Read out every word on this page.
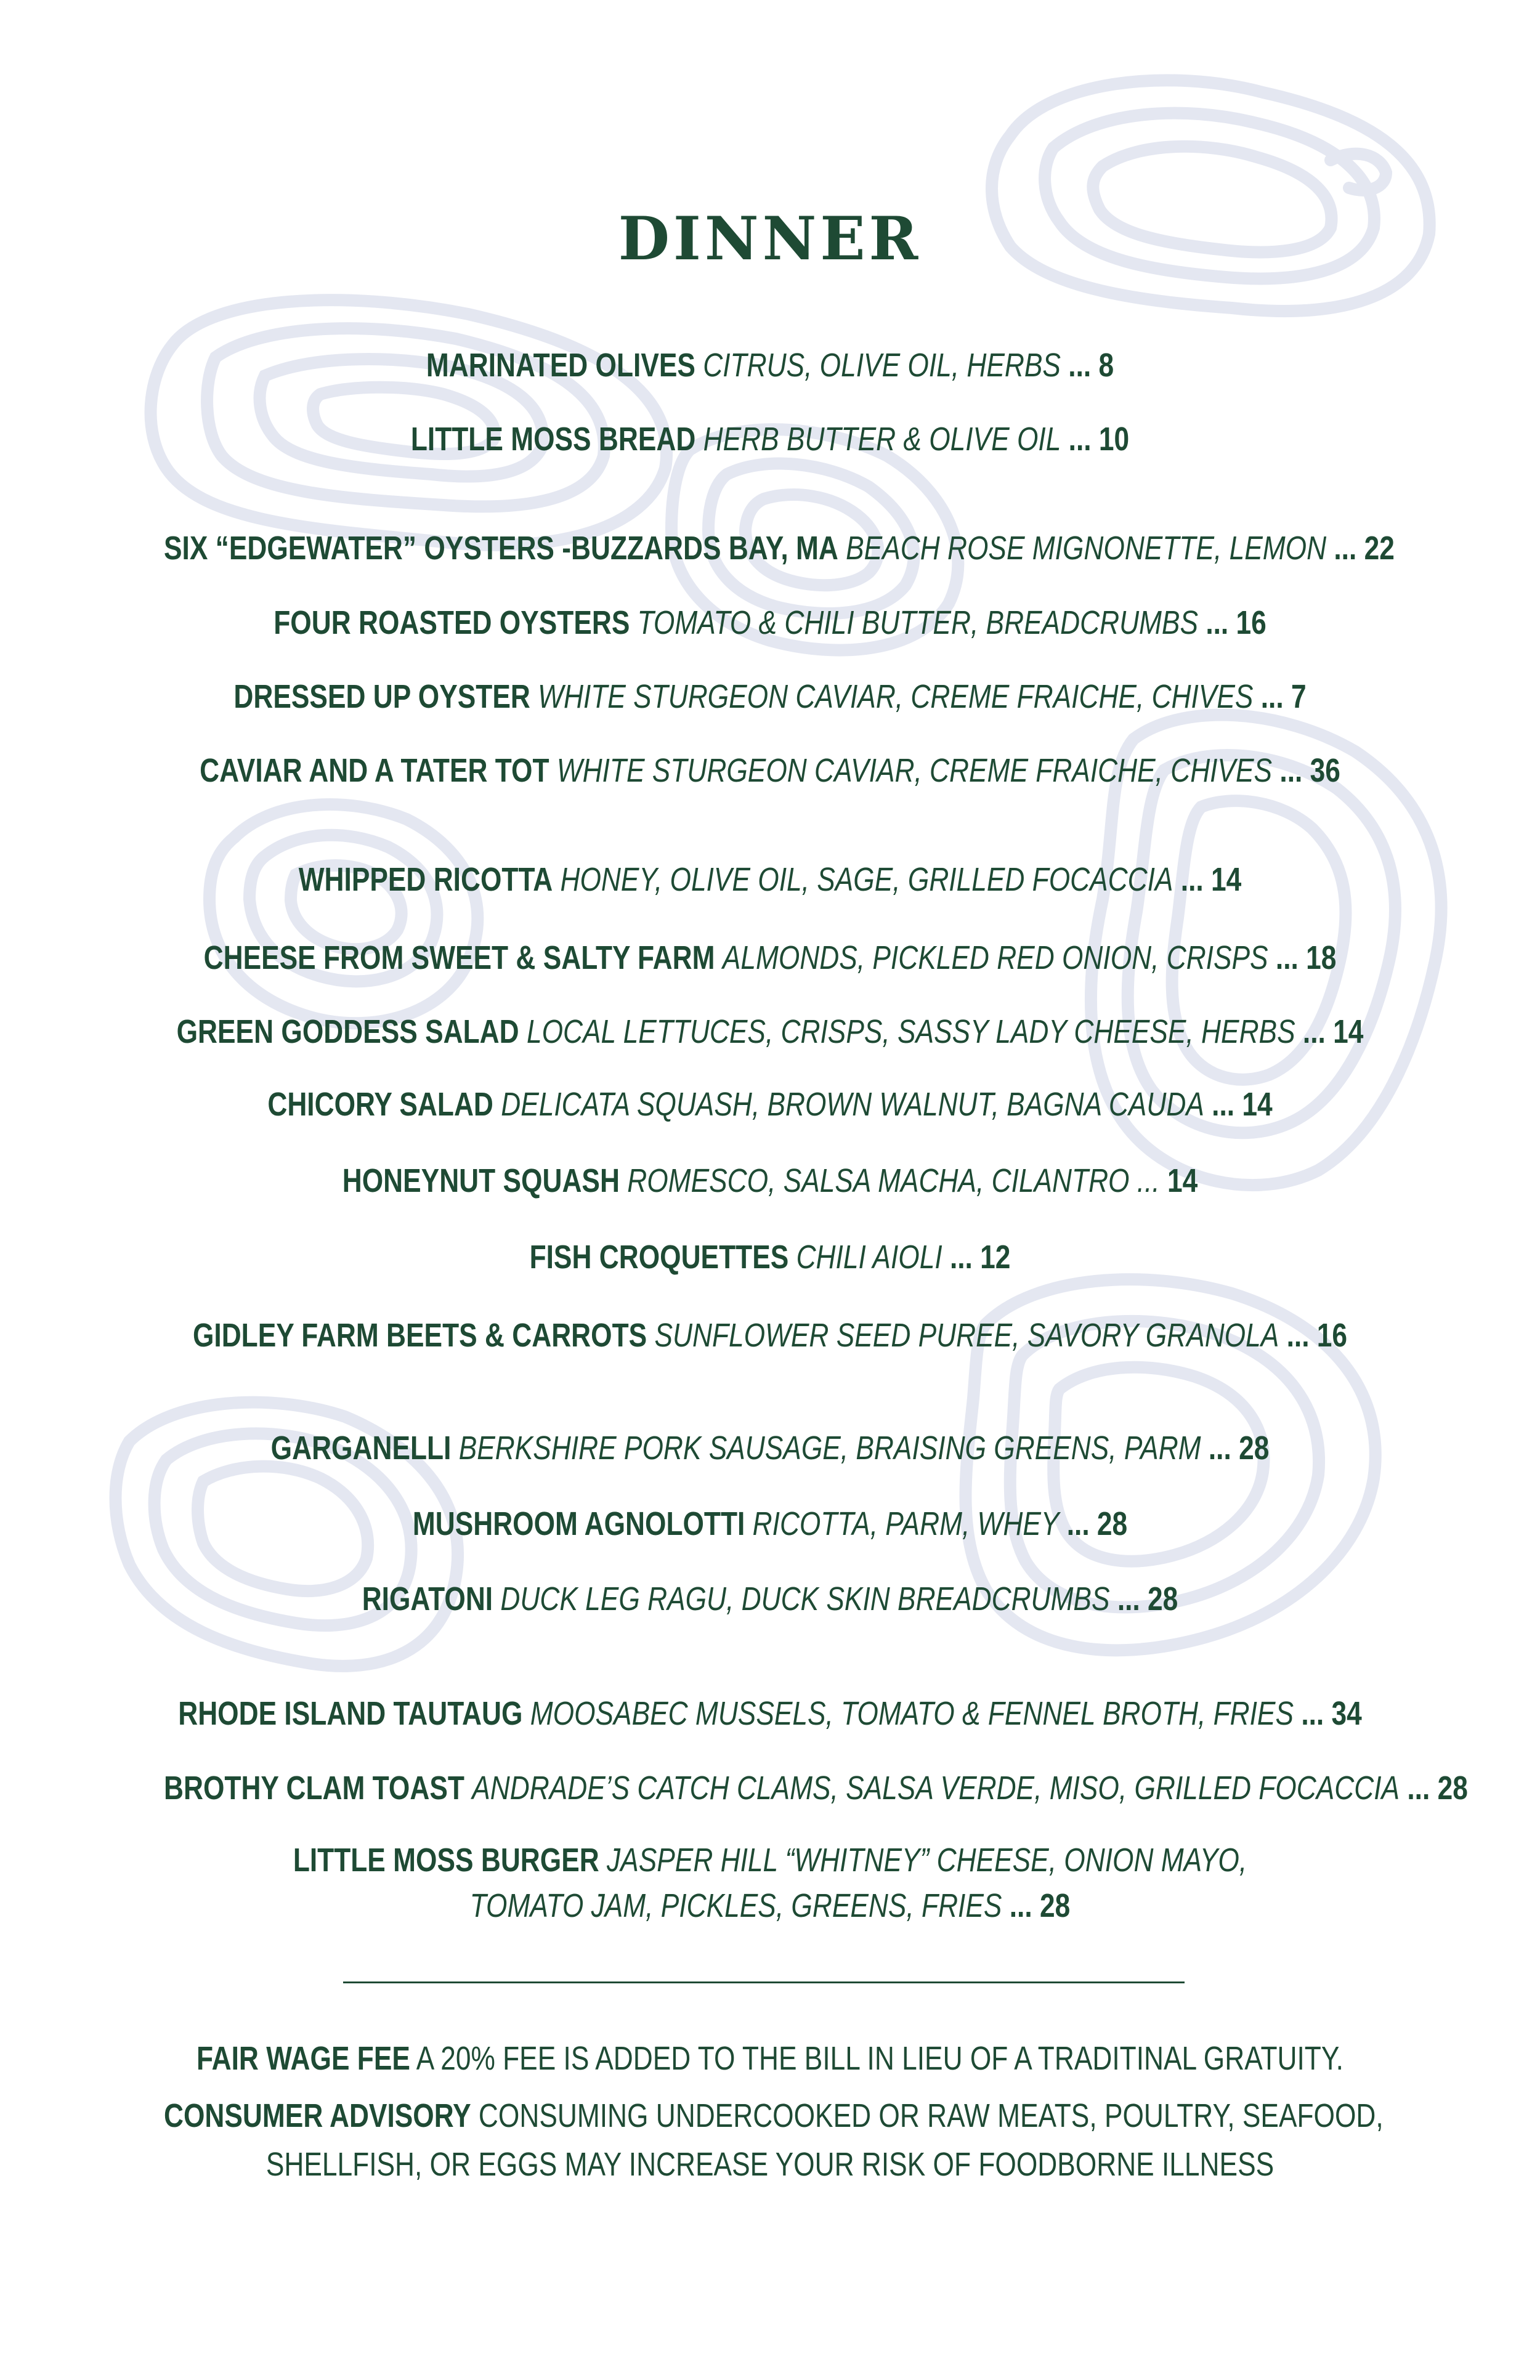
DINNER
MARINATED OLIVES CITRUS, OLIVE OIL, HERBS ... 8
LITTLE MOSS BREAD HERB BUTTER & OLIVE OIL ... 10
SIX “EDGEWATER” OYSTERS -BUZZARDS BAY, MA BEACH ROSE MIGNONETTE, LEMON ... 22
FOUR ROASTED OYSTERS TOMATO & CHILI BUTTER, BREADCRUMBS ... 16
DRESSED UP OYSTER WHITE STURGEON CAVIAR, CREME FRAICHE, CHIVES ... 7
CAVIAR AND A TATER TOT WHITE STURGEON CAVIAR, CREME FRAICHE, CHIVES ... 36
WHIPPED RICOTTA HONEY, OLIVE OIL, SAGE, GRILLED FOCACCIA ... 14
CHEESE FROM SWEET & SALTY FARM ALMONDS, PICKLED RED ONION, CRISPS ... 18
GREEN GODDESS SALAD LOCAL LETTUCES, CRISPS, SASSY LADY CHEESE, HERBS ... 14
CHICORY SALAD DELICATA SQUASH, BROWN WALNUT, BAGNA CAUDA ... 14
HONEYNUT SQUASH ROMESCO, SALSA MACHA, CILANTRO ... 14
FISH CROQUETTES CHILI AIOLI ... 12
GIDLEY FARM BEETS & CARROTS SUNFLOWER SEED PUREE, SAVORY GRANOLA ... 16
GARGANELLI BERKSHIRE PORK SAUSAGE, BRAISING GREENS, PARM ... 28
MUSHROOM AGNOLOTTI RICOTTA, PARM, WHEY ... 28
RIGATONI DUCK LEG RAGU, DUCK SKIN BREADCRUMBS ... 28
RHODE ISLAND TAUTAUG MOOSABEC MUSSELS, TOMATO & FENNEL BROTH, FRIES ... 34
BROTHY CLAM TOAST ANDRADE’S CATCH CLAMS, SALSA VERDE, MISO, GRILLED FOCACCIA ... 28
LITTLE MOSS BURGER JASPER HILL “WHITNEY” CHEESE, ONION MAYO,
TOMATO JAM, PICKLES, GREENS, FRIES ... 28
FAIR WAGE FEE A 20% FEE IS ADDED TO THE BILL IN LIEU OF A TRADITINAL GRATUITY.
CONSUMER ADVISORY CONSUMING UNDERCOOKED OR RAW MEATS, POULTRY, SEAFOOD,
SHELLFISH, OR EGGS MAY INCREASE YOUR RISK OF FOODBORNE ILLNESS
